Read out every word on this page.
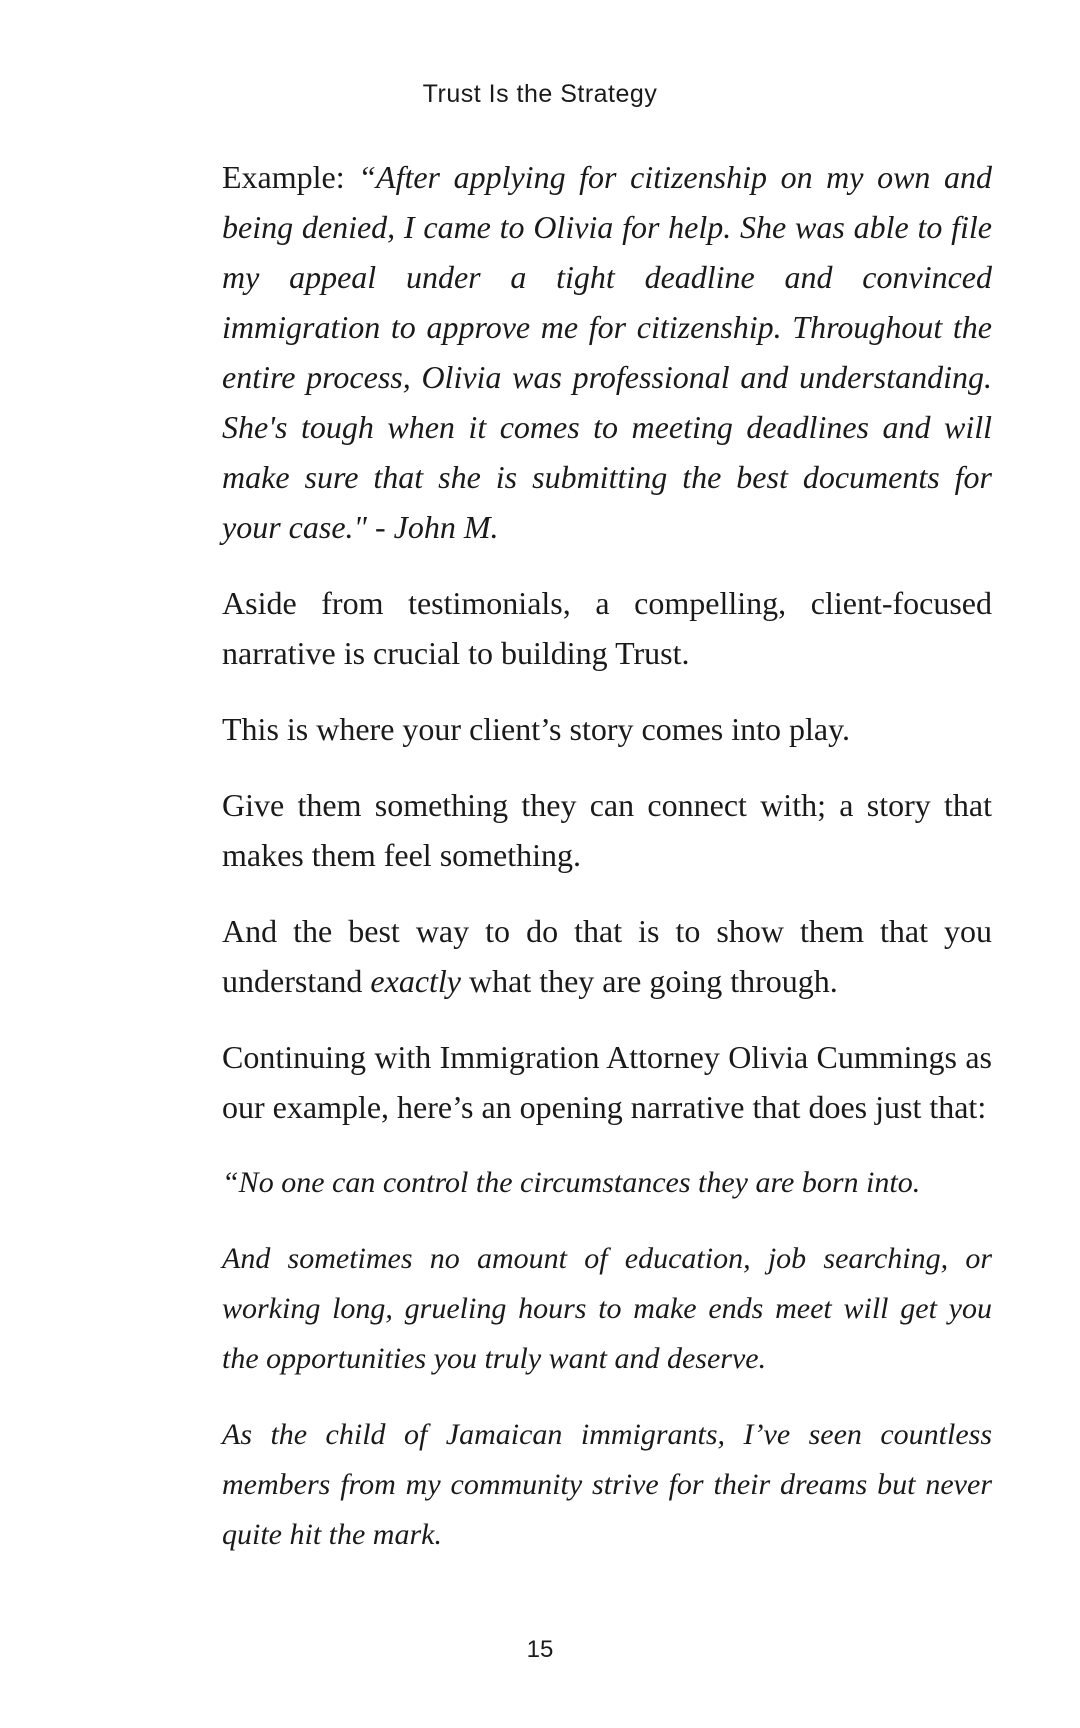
Trust Is the Strategy

Example: “After applying for citizenship on my own and being denied, I came to Olivia for help. She was able to file my appeal under a tight deadline and convinced immigration to approve me for citizenship. Throughout the entire process, Olivia was professional and understanding. She's tough when it comes to meeting deadlines and will make sure that she is submitting the best documents for your case." - John M.

Aside from testimonials, a compelling, client-focused narrative is crucial to building Trust.

This is where your client’s story comes into play.

Give them something they can connect with; a story that makes them feel something.

And the best way to do that is to show them that you understand exactly what they are going through.

Continuing with Immigration Attorney Olivia Cummings as our example, here’s an opening narrative that does just that:

“No one can control the circumstances they are born into.

And sometimes no amount of education, job searching, or working long, grueling hours to make ends meet will get you the opportunities you truly want and deserve.

As the child of Jamaican immigrants, I’ve seen countless members from my community strive for their dreams but never quite hit the mark.

15
